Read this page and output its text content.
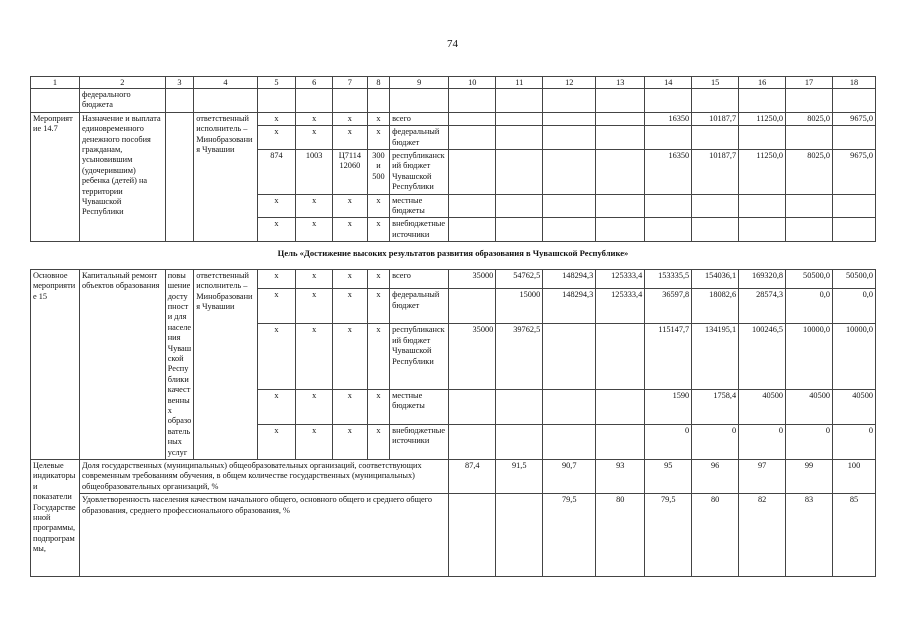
74
1	2	3	4	5	6	7	8	9	10	11	12	13	14	15	16	17	18
	федерального бюджета																
Мероприятие 14.7	Назначение и выплата единовременного денежного пособия гражданам, усыновившим (удочерившим) ребенка (детей) на территории Чувашской Республики		ответственный исполнитель – Минобразования Чувашии	x	x	x	x	всего					16350	10187,7	11250,0	8025,0	9675,0
				x	x	x	x	федеральный бюджет									
				874	1003	Ц7114 12060	300 и 500	республиканский бюджет Чувашской Республики					16350	10187,7	11250,0	8025,0	9675,0
				x	x	x	x	местные бюджеты									
				x	x	x	x	внебюджетные источники									
Цель «Достижение высоких результатов развития образования в Чувашской Республике»																	
Основное мероприятие 15	Капитальный ремонт объектов образования	повышение доступности для населения Чувашской Республики качественных образовательных услуг	ответственный исполнитель – Минобразования Чувашии	x	x	x	x	всего	35000	54762,5	148294,3	125333,4	153335,5	154036,1	169320,8	50500,0	50500,0
				x	x	x	x	федеральный бюджет		15000	148294,3	125333,4	36597,8	18082,6	28574,3	0,0	0,0
				x	x	x	x	республиканский бюджет Чувашской Республики	35000	39762,5			115147,7	134195,1	100246,5	10000,0	10000,0
				x	x	x	x	местные бюджеты					1590	1758,4	40500	40500	40500
				x	x	x	x	внебюджетные источники					0	0	0	0	0
Целевые индикаторы и показатели Государственной программы, подпрограммы,	Доля государственных (муниципальных) общеобразовательных организаций, соответствующих современным требованиям обучения, в общем количестве государственных (муниципальных) общеобразовательных организаций, %								87,4	91,5	90,7	93	95	96	97	99	100
	Удовлетворенность населения качеством начального общего, основного общего и среднего общего образования, среднего профессионального образования, %										79,5	80	79,5	80	82	83	85
